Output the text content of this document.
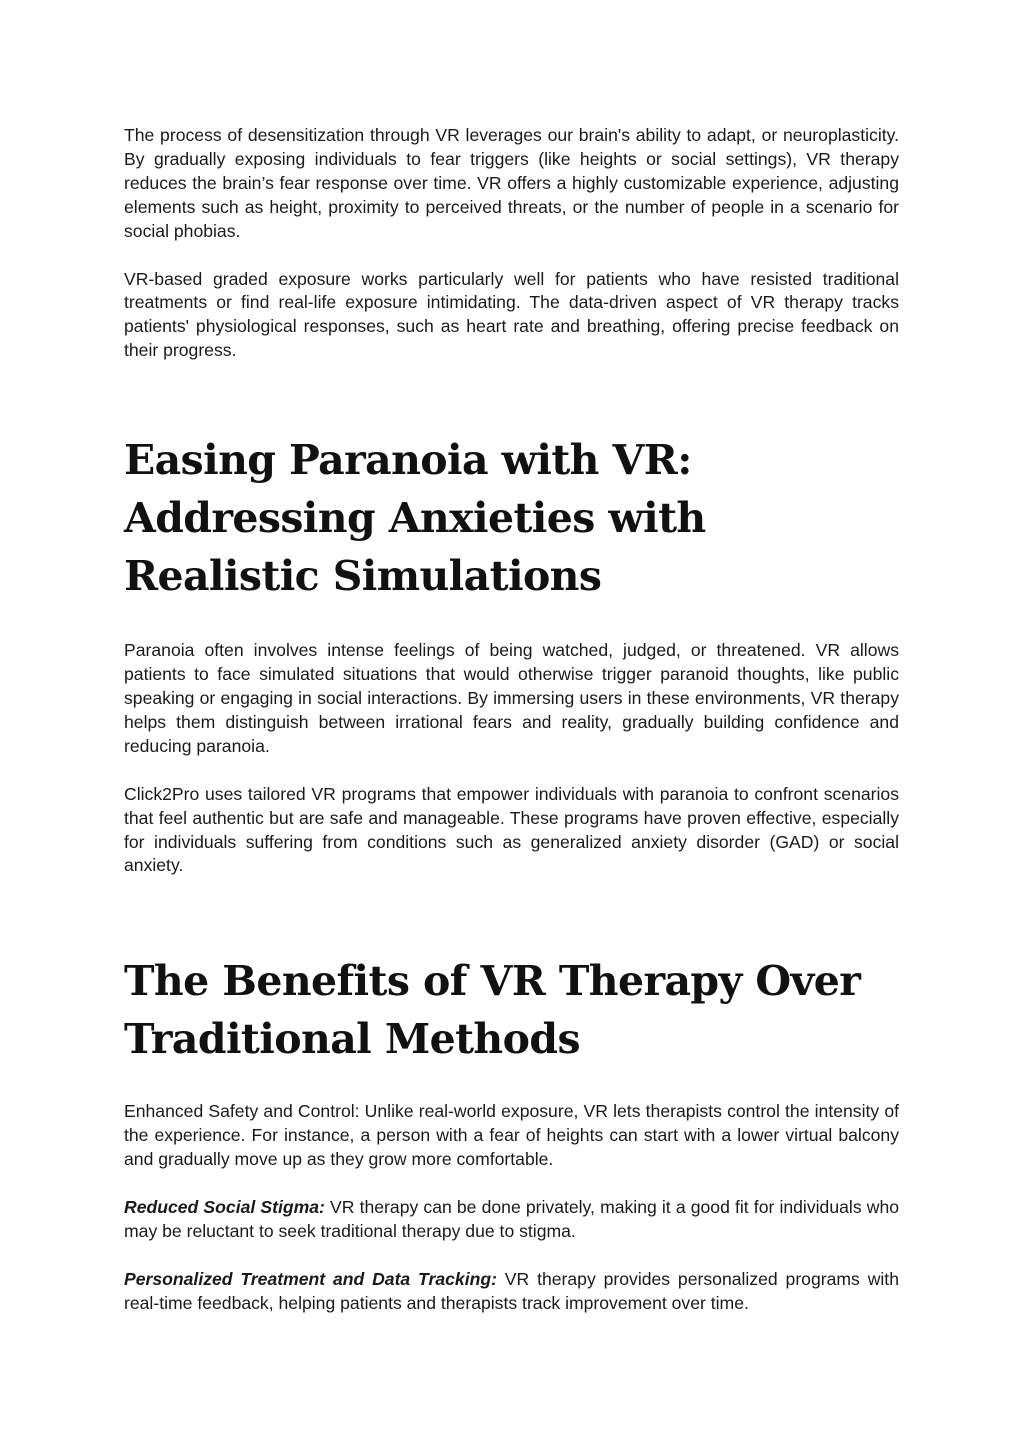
The process of desensitization through VR leverages our brain's ability to adapt, or neuroplasticity. By gradually exposing individuals to fear triggers (like heights or social settings), VR therapy reduces the brain’s fear response over time. VR offers a highly customizable experience, adjusting elements such as height, proximity to perceived threats, or the number of people in a scenario for social phobias.

VR-based graded exposure works particularly well for patients who have resisted traditional treatments or find real-life exposure intimidating. The data-driven aspect of VR therapy tracks patients' physiological responses, such as heart rate and breathing, offering precise feedback on their progress.

Easing Paranoia with VR: Addressing Anxieties with Realistic Simulations

Paranoia often involves intense feelings of being watched, judged, or threatened. VR allows patients to face simulated situations that would otherwise trigger paranoid thoughts, like public speaking or engaging in social interactions. By immersing users in these environments, VR therapy helps them distinguish between irrational fears and reality, gradually building confidence and reducing paranoia.

Click2Pro uses tailored VR programs that empower individuals with paranoia to confront scenarios that feel authentic but are safe and manageable. These programs have proven effective, especially for individuals suffering from conditions such as generalized anxiety disorder (GAD) or social anxiety.

The Benefits of VR Therapy Over Traditional Methods

Enhanced Safety and Control: Unlike real-world exposure, VR lets therapists control the intensity of the experience. For instance, a person with a fear of heights can start with a lower virtual balcony and gradually move up as they grow more comfortable.

Reduced Social Stigma: VR therapy can be done privately, making it a good fit for individuals who may be reluctant to seek traditional therapy due to stigma.

Personalized Treatment and Data Tracking: VR therapy provides personalized programs with real-time feedback, helping patients and therapists track improvement over time.
